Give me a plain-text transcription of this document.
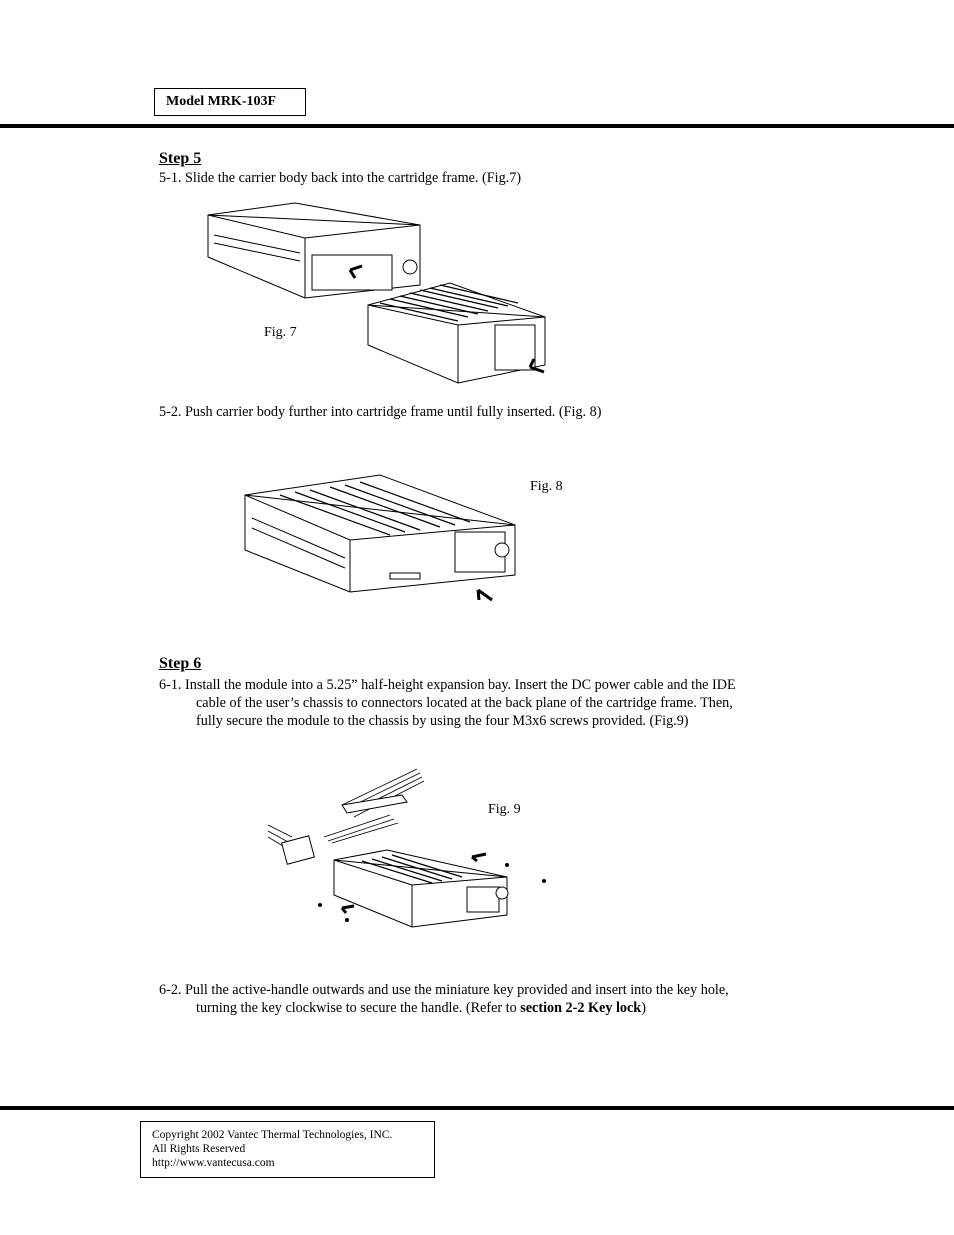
Model MRK-103F
Step 5
5-1. Slide the carrier body back into the cartridge frame. (Fig.7)
Fig. 7
5-2. Push carrier body further into cartridge frame until fully inserted. (Fig. 8)
Fig. 8
Step 6
6-1. Install the module into a 5.25” half-height expansion bay. Insert the DC power cable and the IDE
cable of the user’s chassis to connectors located at the back plane of the cartridge frame. Then,
fully secure the module to the chassis by using the four M3x6 screws provided. (Fig.9)
Fig. 9
6-2. Pull the active-handle outwards and use the miniature key provided and insert into the key hole,
turning the key clockwise to secure the handle. (Refer to section 2-2 Key lock)
Copyright 2002 Vantec Thermal Technologies, INC.
All Rights Reserved
http://www.vantecusa.com
